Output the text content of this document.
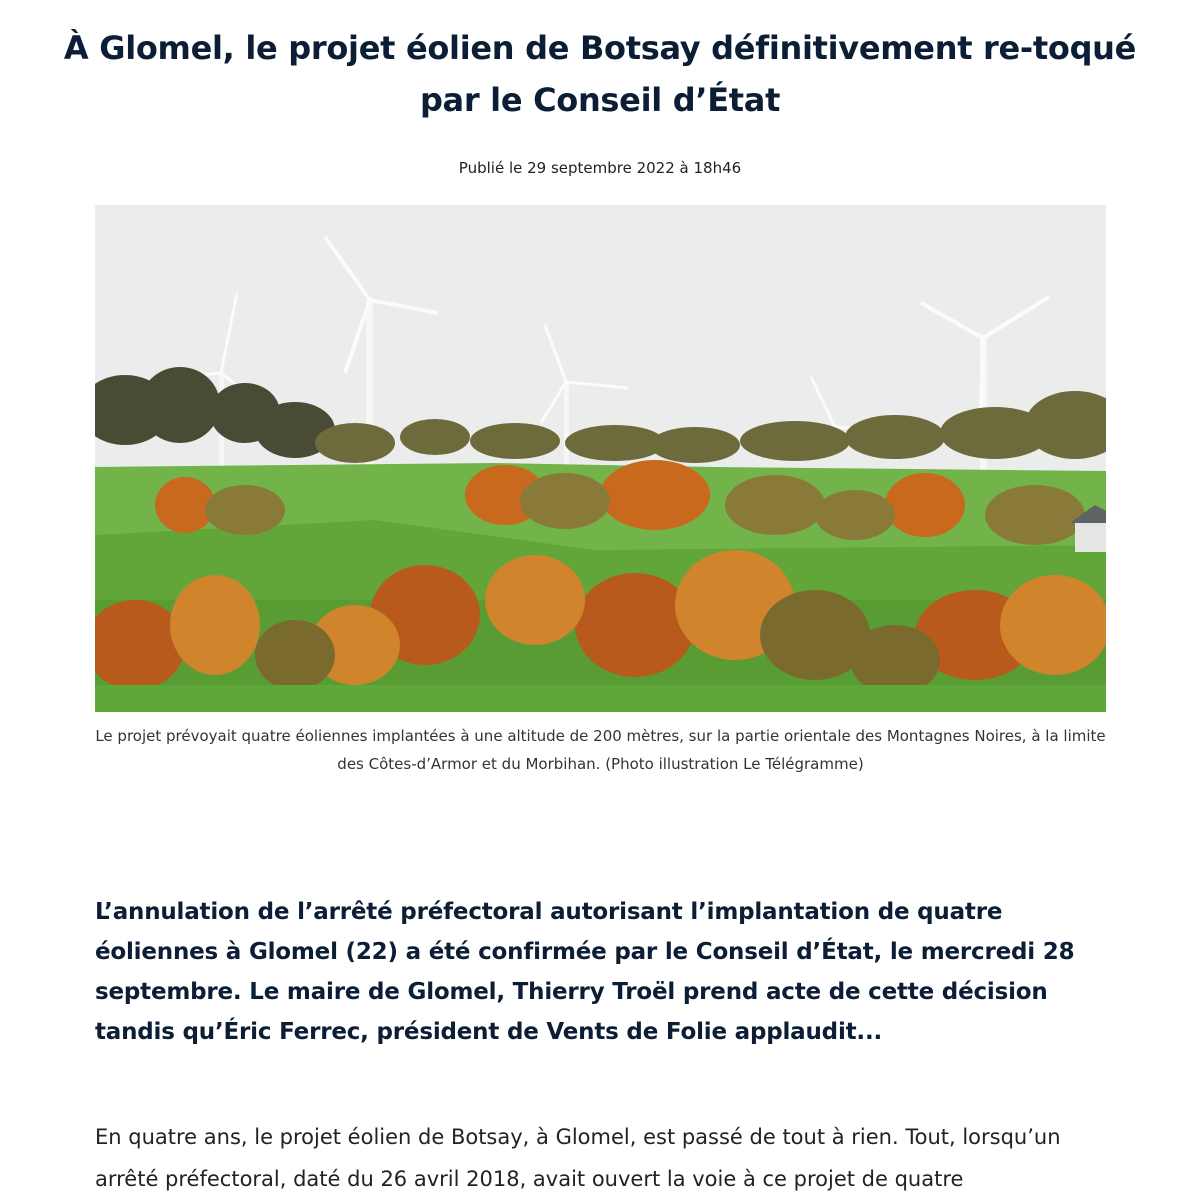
À Glomel, le projet éolien de Botsay définitivement re-toqué par le Conseil d’État
Publié le 29 septembre 2022 à 18h46
Le projet prévoyait quatre éoliennes implantées à une altitude de 200 mètres, sur la partie orientale des Montagnes Noires, à la limite des Côtes-d’Armor et du Morbihan. (Photo illustration Le Télégramme)

L’annulation de l’arrêté préfectoral autorisant l’implantation de quatre éoliennes à Glomel (22) a été confirmée par le Conseil d’État, le mercredi 28 septembre. Le maire de Glomel, Thierry Troël prend acte de cette décision tandis qu’Éric Ferrec, président de Vents de Folie applaudit...

En quatre ans, le projet éolien de Botsay, à Glomel, est passé de tout à rien. Tout, lorsqu’un arrêté préfectoral, daté du 26 avril 2018, avait ouvert la voie à ce projet de quatre
